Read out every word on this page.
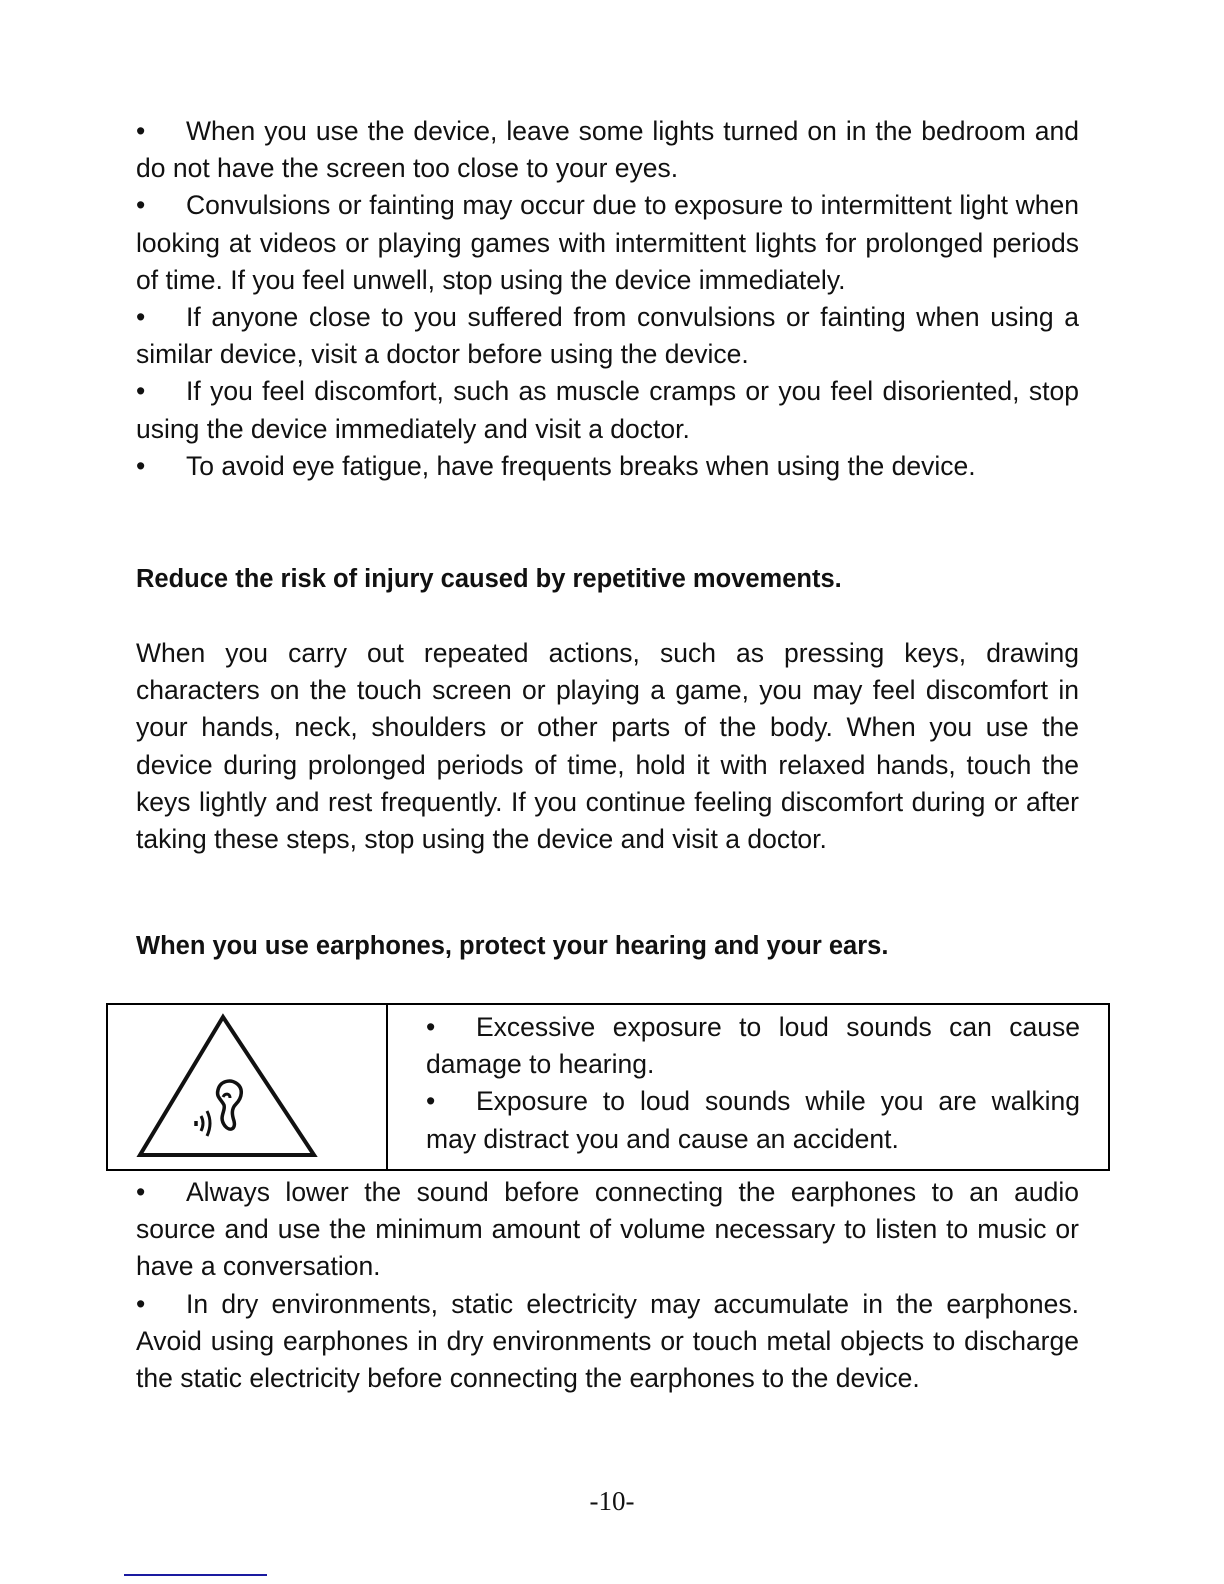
• When you use the device, leave some lights turned on in the bedroom and do not have the screen too close to your eyes.

• Convulsions or fainting may occur due to exposure to intermittent light when looking at videos or playing games with intermittent lights for prolonged periods of time. If you feel unwell, stop using the device immediately.

• If anyone close to you suffered from convulsions or fainting when using a similar device, visit a doctor before using the device.

• If you feel discomfort, such as muscle cramps or you feel disoriented, stop using the device immediately and visit a doctor.

• To avoid eye fatigue, have frequents breaks when using the device.

Reduce the risk of injury caused by repetitive movements.

When you carry out repeated actions, such as pressing keys, drawing characters on the touch screen or playing a game, you may feel discomfort in your hands, neck, shoulders or other parts of the body. When you use the device during prolonged periods of time, hold it with relaxed hands, touch the keys lightly and rest frequently. If you continue feeling discomfort during or after taking these steps, stop using the device and visit a doctor.

When you use earphones, protect your hearing and your ears.

• Excessive exposure to loud sounds can cause damage to hearing.

• Exposure to loud sounds while you are walking may distract you and cause an accident.

• Always lower the sound before connecting the earphones to an audio source and use the minimum amount of volume necessary to listen to music or have a conversation.

• In dry environments, static electricity may accumulate in the earphones. Avoid using earphones in dry environments or touch metal objects to discharge the static electricity before connecting the earphones to the device.

-10-
